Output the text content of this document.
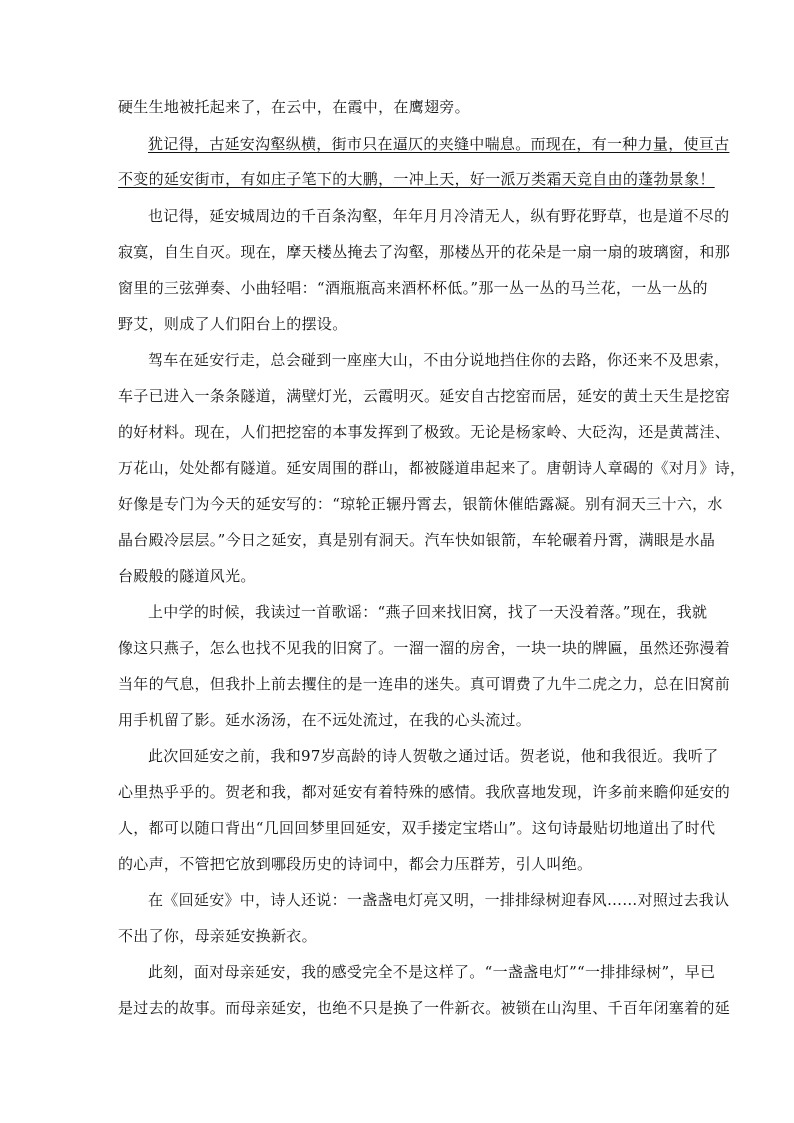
硬生生地被托起来了，在云中，在霞中，在鹰翅旁。
犹记得，古延安沟壑纵横，街市只在逼仄的夹缝中喘息。而现在，有一种力量，使亘古
不变的延安街市，有如庄子笔下的大鹏，一冲上天，好一派万类霜天竞自由的蓬勃景象！
也记得，延安城周边的千百条沟壑，年年月月冷清无人，纵有野花野草，也是道不尽的
寂寞，自生自灭。现在，摩天楼丛掩去了沟壑，那楼丛开的花朵是一扇一扇的玻璃窗，和那
窗里的三弦弹奏、小曲轻唱：“酒瓶瓶高来酒杯杯低。”那一丛一丛的马兰花，一丛一丛的
野艾，则成了人们阳台上的摆设。
驾车在延安行走，总会碰到一座座大山，不由分说地挡住你的去路，你还来不及思索，
车子已进入一条条隧道，满壁灯光，云霞明灭。延安自古挖窑而居，延安的黄土天生是挖窑
的好材料。现在，人们把挖窑的本事发挥到了极致。无论是杨家岭、大砭沟，还是黄蒿洼、
万花山，处处都有隧道。延安周围的群山，都被隧道串起来了。唐朝诗人章碣的《对月》诗，
好像是专门为今天的延安写的：“琼轮正辗丹霄去，银箭休催皓露凝。别有洞天三十六，水
晶台殿冷层层。”今日之延安，真是别有洞天。汽车快如银箭，车轮碾着丹霄，满眼是水晶
台殿般的隧道风光。
上中学的时候，我读过一首歌谣：“燕子回来找旧窝，找了一天没着落。”现在，我就
像这只燕子，怎么也找不见我的旧窝了。一溜一溜的房舍，一块一块的牌匾，虽然还弥漫着
当年的气息，但我扑上前去攫住的是一连串的迷失。真可谓费了九牛二虎之力，总在旧窝前
用手机留了影。延水汤汤，在不远处流过，在我的心头流过。
此次回延安之前，我和97岁高龄的诗人贺敬之通过话。贺老说，他和我很近。我听了
心里热乎乎的。贺老和我，都对延安有着特殊的感情。我欣喜地发现，许多前来瞻仰延安的
人，都可以随口背出“几回回梦里回延安，双手搂定宝塔山”。这句诗最贴切地道出了时代
的心声，不管把它放到哪段历史的诗词中，都会力压群芳，引人叫绝。
在《回延安》中，诗人还说：一盏盏电灯亮又明，一排排绿树迎春风……对照过去我认
不出了你，母亲延安换新衣。
此刻，面对母亲延安，我的感受完全不是这样了。“一盏盏电灯”“一排排绿树”，早已
是过去的故事。而母亲延安，也绝不只是换了一件新衣。被锁在山沟里、千百年闭塞着的延
